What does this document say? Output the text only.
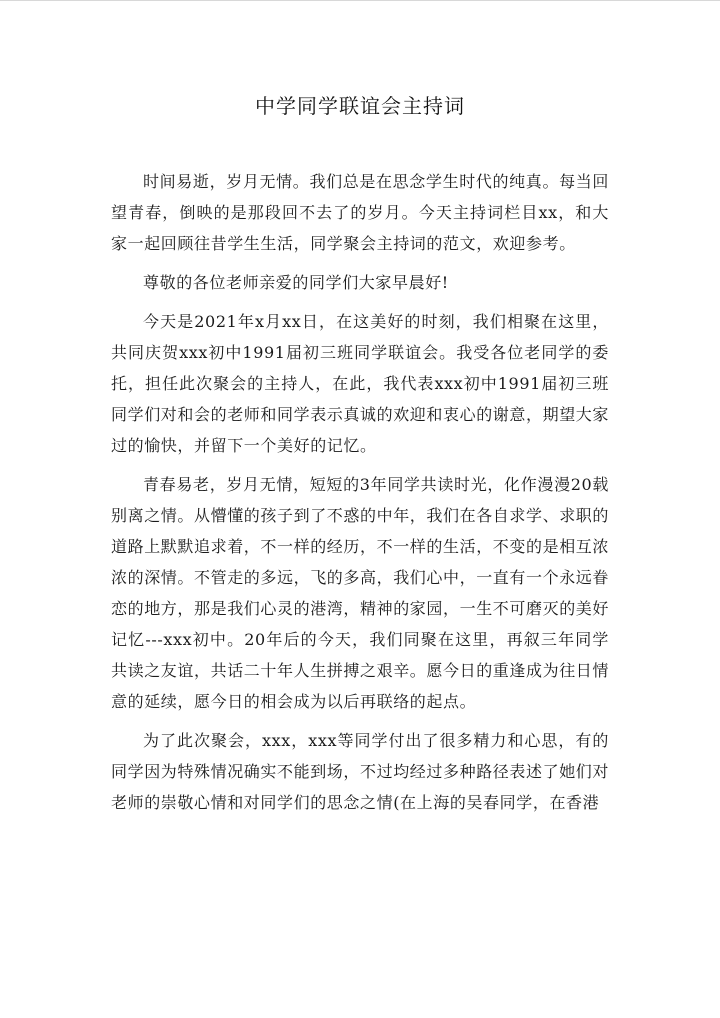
中学同学联谊会主持词

时间易逝，岁月无情。我们总是在思念学生时代的纯真。每当回望青春，倒映的是那段回不去了的岁月。今天主持词栏目xx，和大家一起回顾往昔学生生活，同学聚会主持词的范文，欢迎参考。

尊敬的各位老师亲爱的同学们大家早晨好!

今天是2021年x月xx日，在这美好的时刻，我们相聚在这里，共同庆贺xxx初中1991届初三班同学联谊会。我受各位老同学的委托，担任此次聚会的主持人，在此，我代表xxx初中1991届初三班同学们对和会的老师和同学表示真诚的欢迎和衷心的谢意，期望大家过的愉快，并留下一个美好的记忆。

青春易老，岁月无情，短短的3年同学共读时光，化作漫漫20载别离之情。从懵懂的孩子到了不惑的中年，我们在各自求学、求职的道路上默默追求着，不一样的经历，不一样的生活，不变的是相互浓浓的深情。不管走的多远，飞的多高，我们心中，一直有一个永远眷恋的地方，那是我们心灵的港湾，精神的家园，一生不可磨灭的美好记忆---xxx初中。20年后的今天，我们同聚在这里，再叙三年同学共读之友谊，共话二十年人生拼搏之艰辛。愿今日的重逢成为往日情意的延续，愿今日的相会成为以后再联络的起点。

为了此次聚会，xxx，xxx等同学付出了很多精力和心思，有的同学因为特殊情况确实不能到场，不过均经过多种路径表述了她们对老师的崇敬心情和对同学们的思念之情(在上海的吴春同学，在香港
